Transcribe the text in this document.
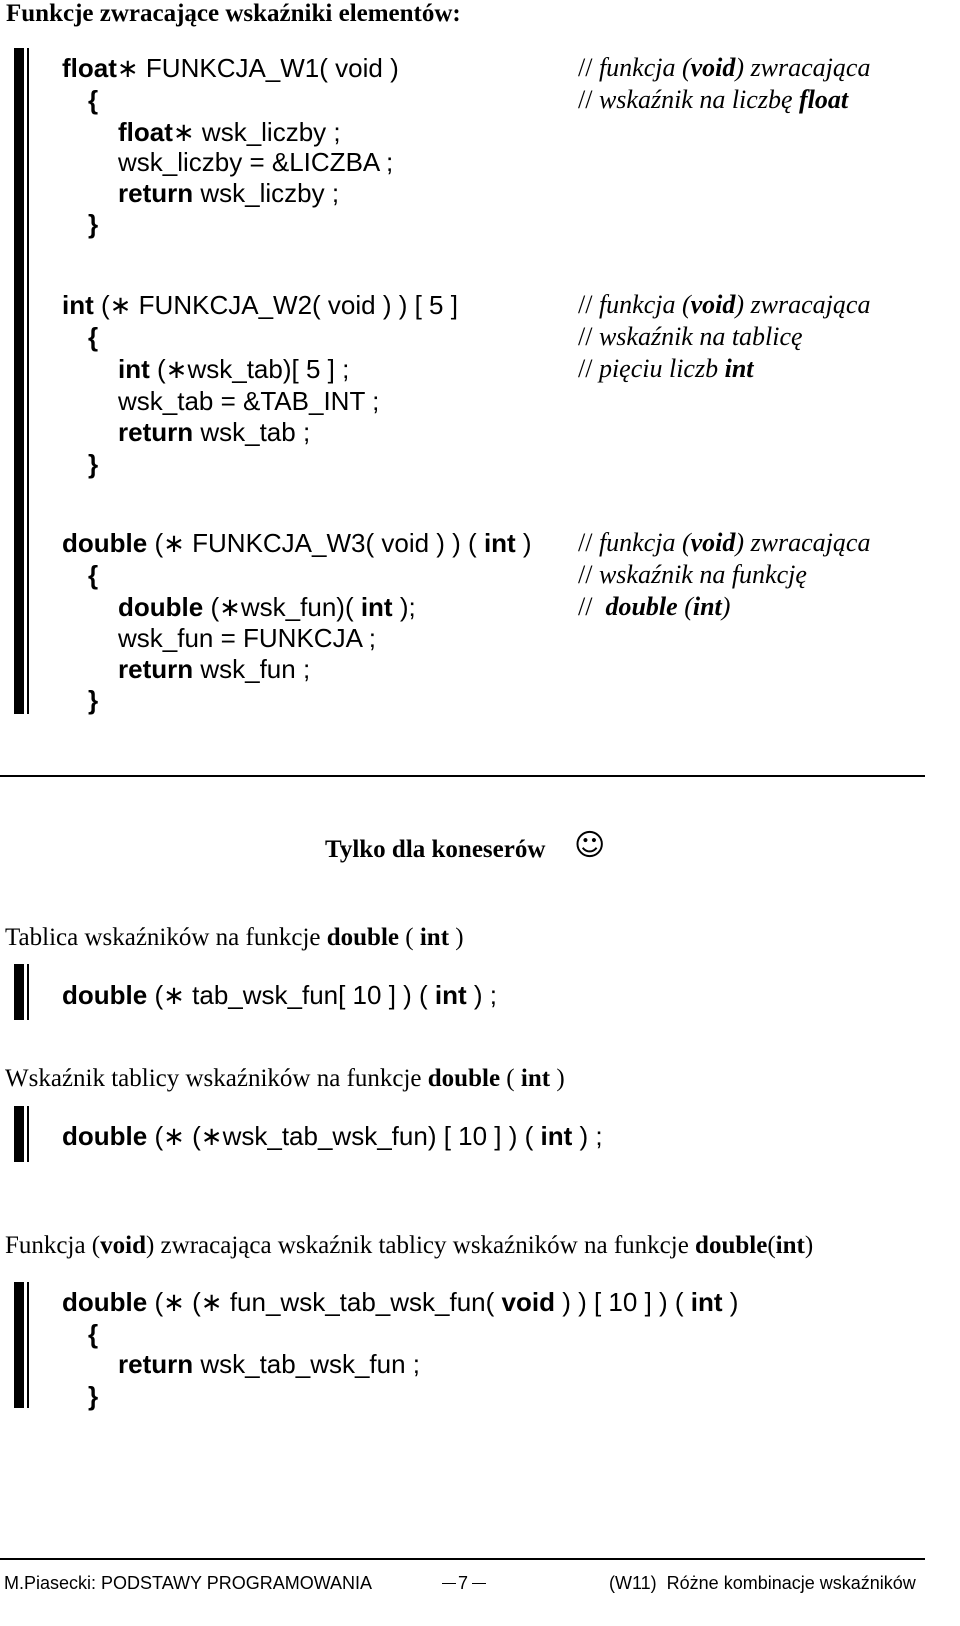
Funkcje zwracające wskaźniki elementów:
float∗ FUNKCJA_W1( void )
{
float∗ wsk_liczby ;
wsk_liczby = &LICZBA ;
return wsk_liczby ;
}
// funkcja (void) zwracająca
// wskaźnik na liczbę float
int (∗ FUNKCJA_W2( void ) ) [ 5 ]
{
int (∗wsk_tab)[ 5 ] ;
wsk_tab = &TAB_INT ;
return wsk_tab ;
}
// funkcja (void) zwracająca
// wskaźnik na tablicę
// pięciu liczb int
double (∗ FUNKCJA_W3( void ) ) ( int )
{
double (∗wsk_fun)( int );
wsk_fun = FUNKCJA ;
return wsk_fun ;
}
// funkcja (void) zwracająca
// wskaźnik na funkcję
//  double (int)
Tylko dla koneserów ☺
Tablica wskaźników na funkcje double ( int )
double (∗ tab_wsk_fun[ 10 ] ) ( int ) ;
Wskaźnik tablicy wskaźników na funkcje double ( int )
double (∗ (∗wsk_tab_wsk_fun) [ 10 ] ) ( int ) ;
Funkcja (void) zwracająca wskaźnik tablicy wskaźników na funkcje double(int)
double (∗ (∗ fun_wsk_tab_wsk_fun( void ) ) [ 10 ] ) ( int )
{
return wsk_tab_wsk_fun ;
}
M.Piasecki: PODSTAWY PROGRAMOWANIA	7	(W11)  Różne kombinacje wskaźników
